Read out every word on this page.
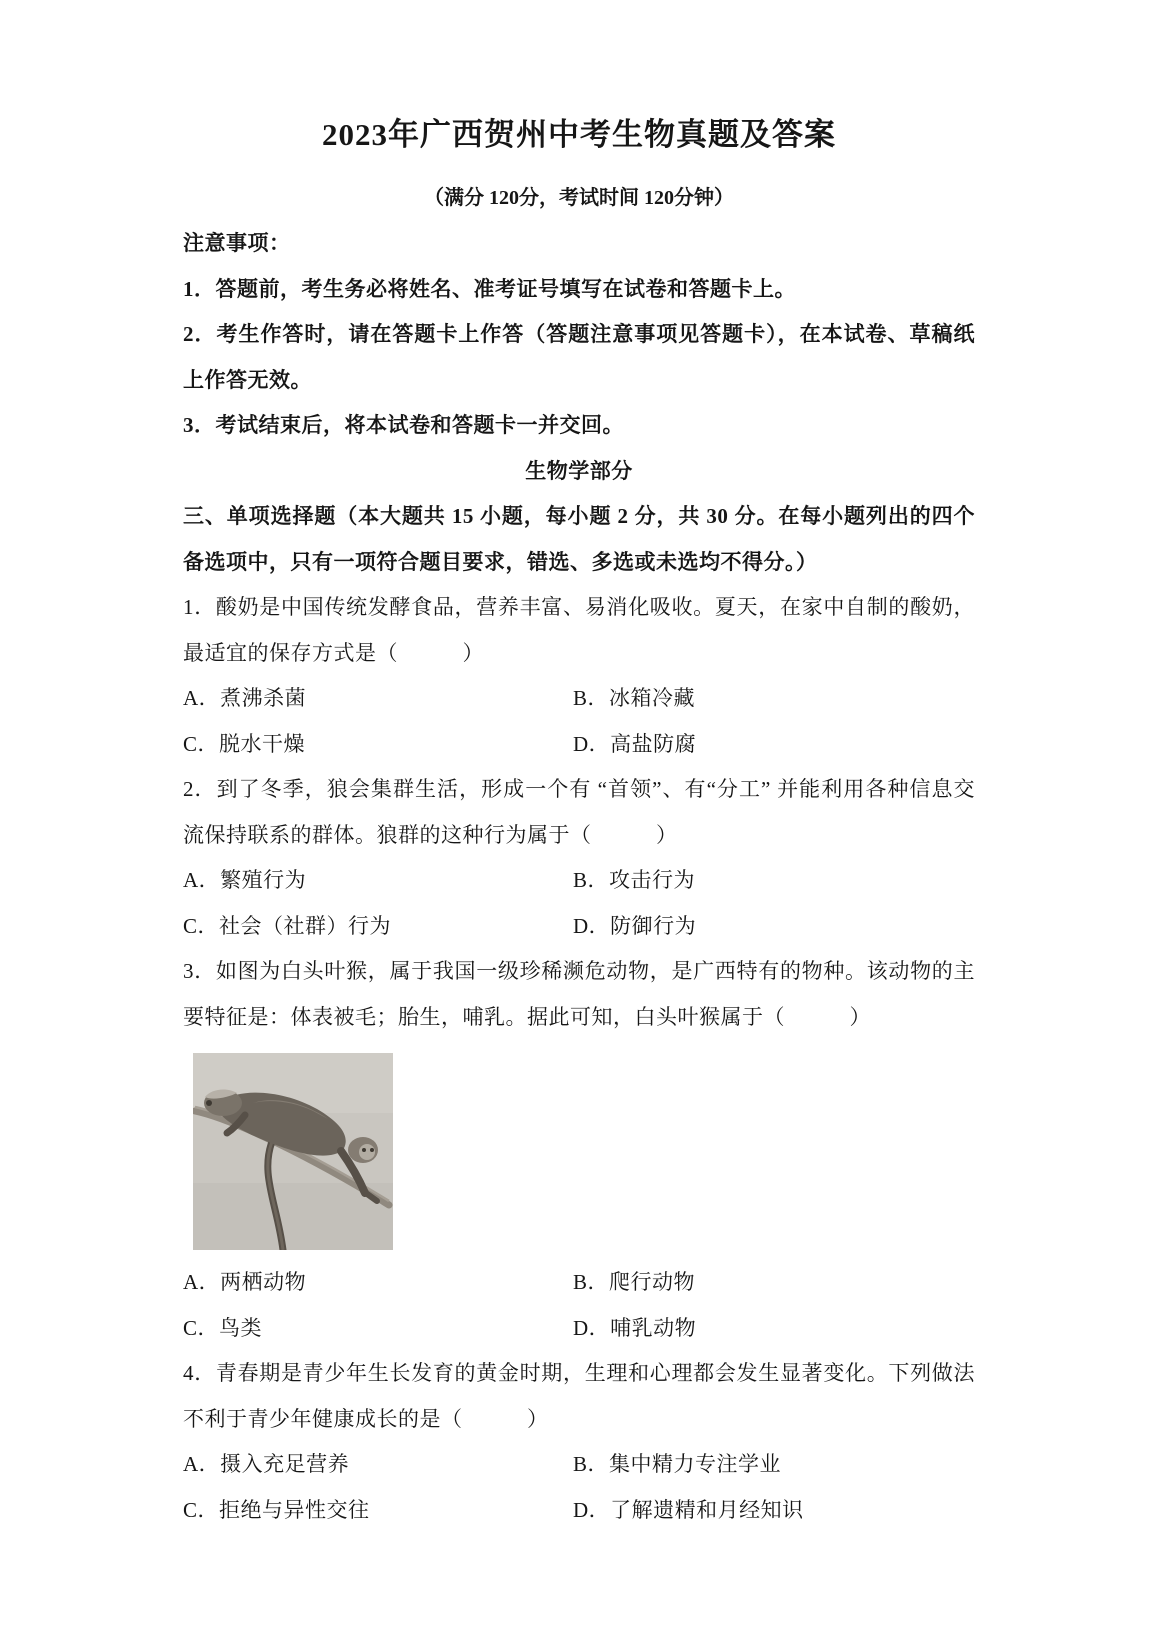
2023年广西贺州中考生物真题及答案

（满分 120分，考试时间 120分钟）

注意事项：

1．答题前，考生务必将姓名、准考证号填写在试卷和答题卡上。

2．考生作答时，请在答题卡上作答（答题注意事项见答题卡），在本试卷、草稿纸上作答无效。

3．考试结束后，将本试卷和答题卡一并交回。

生物学部分

三、单项选择题（本大题共 15 小题，每小题 2 分，共 30 分。在每小题列出的四个备选项中，只有一项符合题目要求，错选、多选或未选均不得分。）

1．酸奶是中国传统发酵食品，营养丰富、易消化吸收。夏天，在家中自制的酸奶，最适宜的保存方式是（　　　）

A．煮沸杀菌	B．冰箱冷藏
C．脱水干燥	D．高盐防腐

2．到了冬季，狼会集群生活，形成一个有 “首领”、有“分工” 并能利用各种信息交流保持联系的群体。狼群的这种行为属于（　　　）

A．繁殖行为	B．攻击行为
C．社会（社群）行为	D．防御行为

3．如图为白头叶猴，属于我国一级珍稀濒危动物，是广西特有的物种。该动物的主要特征是：体表被毛；胎生，哺乳。据此可知，白头叶猴属于（　　　）

A．两栖动物	B．爬行动物
C．鸟类	D．哺乳动物

4．青春期是青少年生长发育的黄金时期，生理和心理都会发生显著变化。下列做法不利于青少年健康成长的是（　　　）

A．摄入充足营养	B．集中精力专注学业
C．拒绝与异性交往	D．了解遗精和月经知识
